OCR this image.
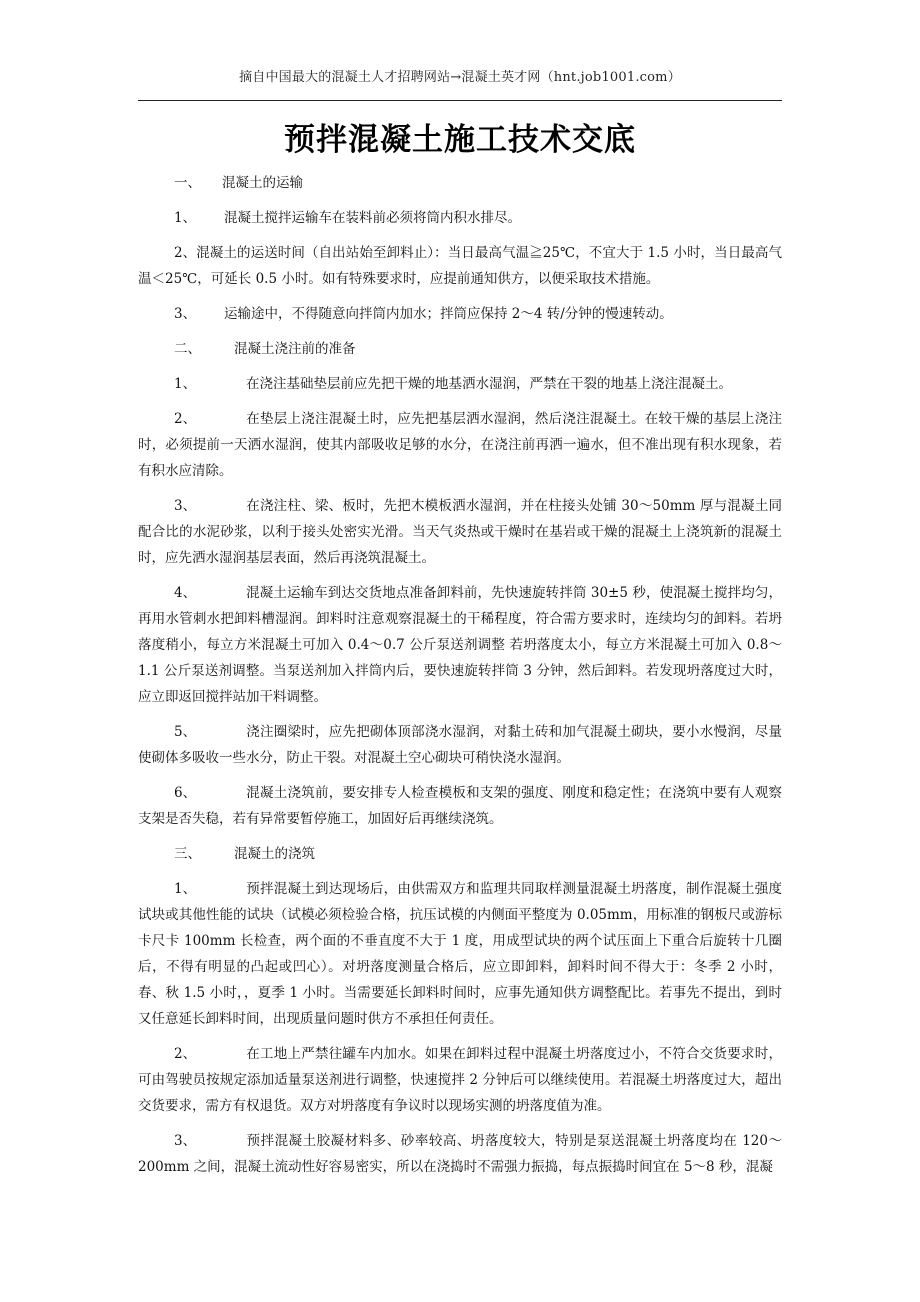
摘自中国最大的混凝土人才招聘网站→混凝土英才网（hnt.job1001.com）
预拌混凝土施工技术交底

一、 混凝土的运输

1、 混凝土搅拌运输车在装料前必须将筒内积水排尽。

2、混凝土的运送时间（自出站始至卸料止）：当日最高气温≧25℃，不宜大于 1.5 小时，当日最高气温＜25℃，可延长 0.5 小时。如有特殊要求时，应提前通知供方，以便采取技术措施。

3、 运输途中，不得随意向拌筒内加水；拌筒应保持 2～4 转/分钟的慢速转动。

二、 混凝土浇注前的准备

1、	在浇注基础垫层前应先把干燥的地基洒水湿润，严禁在干裂的地基上浇注混凝土。

2、	在垫层上浇注混凝土时，应先把基层洒水湿润，然后浇注混凝土。在较干燥的基层上浇注时，必须提前一天洒水湿润，使其内部吸收足够的水分，在浇注前再洒一遍水，但不准出现有积水现象，若有积水应清除。

3、	在浇注柱、梁、板时，先把木模板洒水湿润，并在柱接头处铺 30～50mm 厚与混凝土同配合比的水泥砂浆，以利于接头处密实光滑。当天气炎热或干燥时在基岩或干燥的混凝土上浇筑新的混凝土时，应先洒水湿润基层表面，然后再浇筑混凝土。

4、	混凝土运输车到达交货地点准备卸料前，先快速旋转拌筒 30±5 秒，使混凝土搅拌均匀，再用水管刺水把卸料槽湿润。卸料时注意观察混凝土的干稀程度，符合需方要求时，连续均匀的卸料。若坍落度稍小，每立方米混凝土可加入 0.4～0.7 公斤泵送剂调整 若坍落度太小，每立方米混凝土可加入 0.8～1.1 公斤泵送剂调整。当泵送剂加入拌筒内后，要快速旋转拌筒 3 分钟，然后卸料。若发现坍落度过大时，应立即返回搅拌站加干料调整。

5、	浇注圈梁时，应先把砌体顶部浇水湿润，对黏土砖和加气混凝土砌块，要小水慢润，尽量使砌体多吸收一些水分，防止干裂。对混凝土空心砌块可稍快浇水湿润。

6、	混凝土浇筑前，要安排专人检查模板和支架的强度、刚度和稳定性；在浇筑中要有人观察支架是否失稳，若有异常要暂停施工，加固好后再继续浇筑。

三、 混凝土的浇筑

1、	预拌混凝土到达现场后，由供需双方和监理共同取样测量混凝土坍落度，制作混凝土强度试块或其他性能的试块（试模必须检验合格，抗压试模的内侧面平整度为 0.05mm，用标准的钢板尺或游标卡尺卡 100mm 长检查，两个面的不垂直度不大于 1 度，用成型试块的两个试压面上下重合后旋转十几圈后，不得有明显的凸起或凹心）。对坍落度测量合格后，应立即卸料，卸料时间不得大于：冬季 2 小时，春、秋 1.5 小时，，夏季 1 小时。当需要延长卸料时间时，应事先通知供方调整配比。若事先不提出，到时又任意延长卸料时间，出现质量问题时供方不承担任何责任。

2、	在工地上严禁往罐车内加水。如果在卸料过程中混凝土坍落度过小，不符合交货要求时，可由驾驶员按规定添加适量泵送剂进行调整，快速搅拌 2 分钟后可以继续使用。若混凝土坍落度过大，超出交货要求，需方有权退货。双方对坍落度有争议时以现场实测的坍落度值为准。

3、	预拌混凝土胶凝材料多、砂率较高、坍落度较大，特别是泵送混凝土坍落度均在 120～200mm 之间，混凝土流动性好容易密实，所以在浇捣时不需强力振捣，每点振捣时间宜在 5～8 秒，混凝
